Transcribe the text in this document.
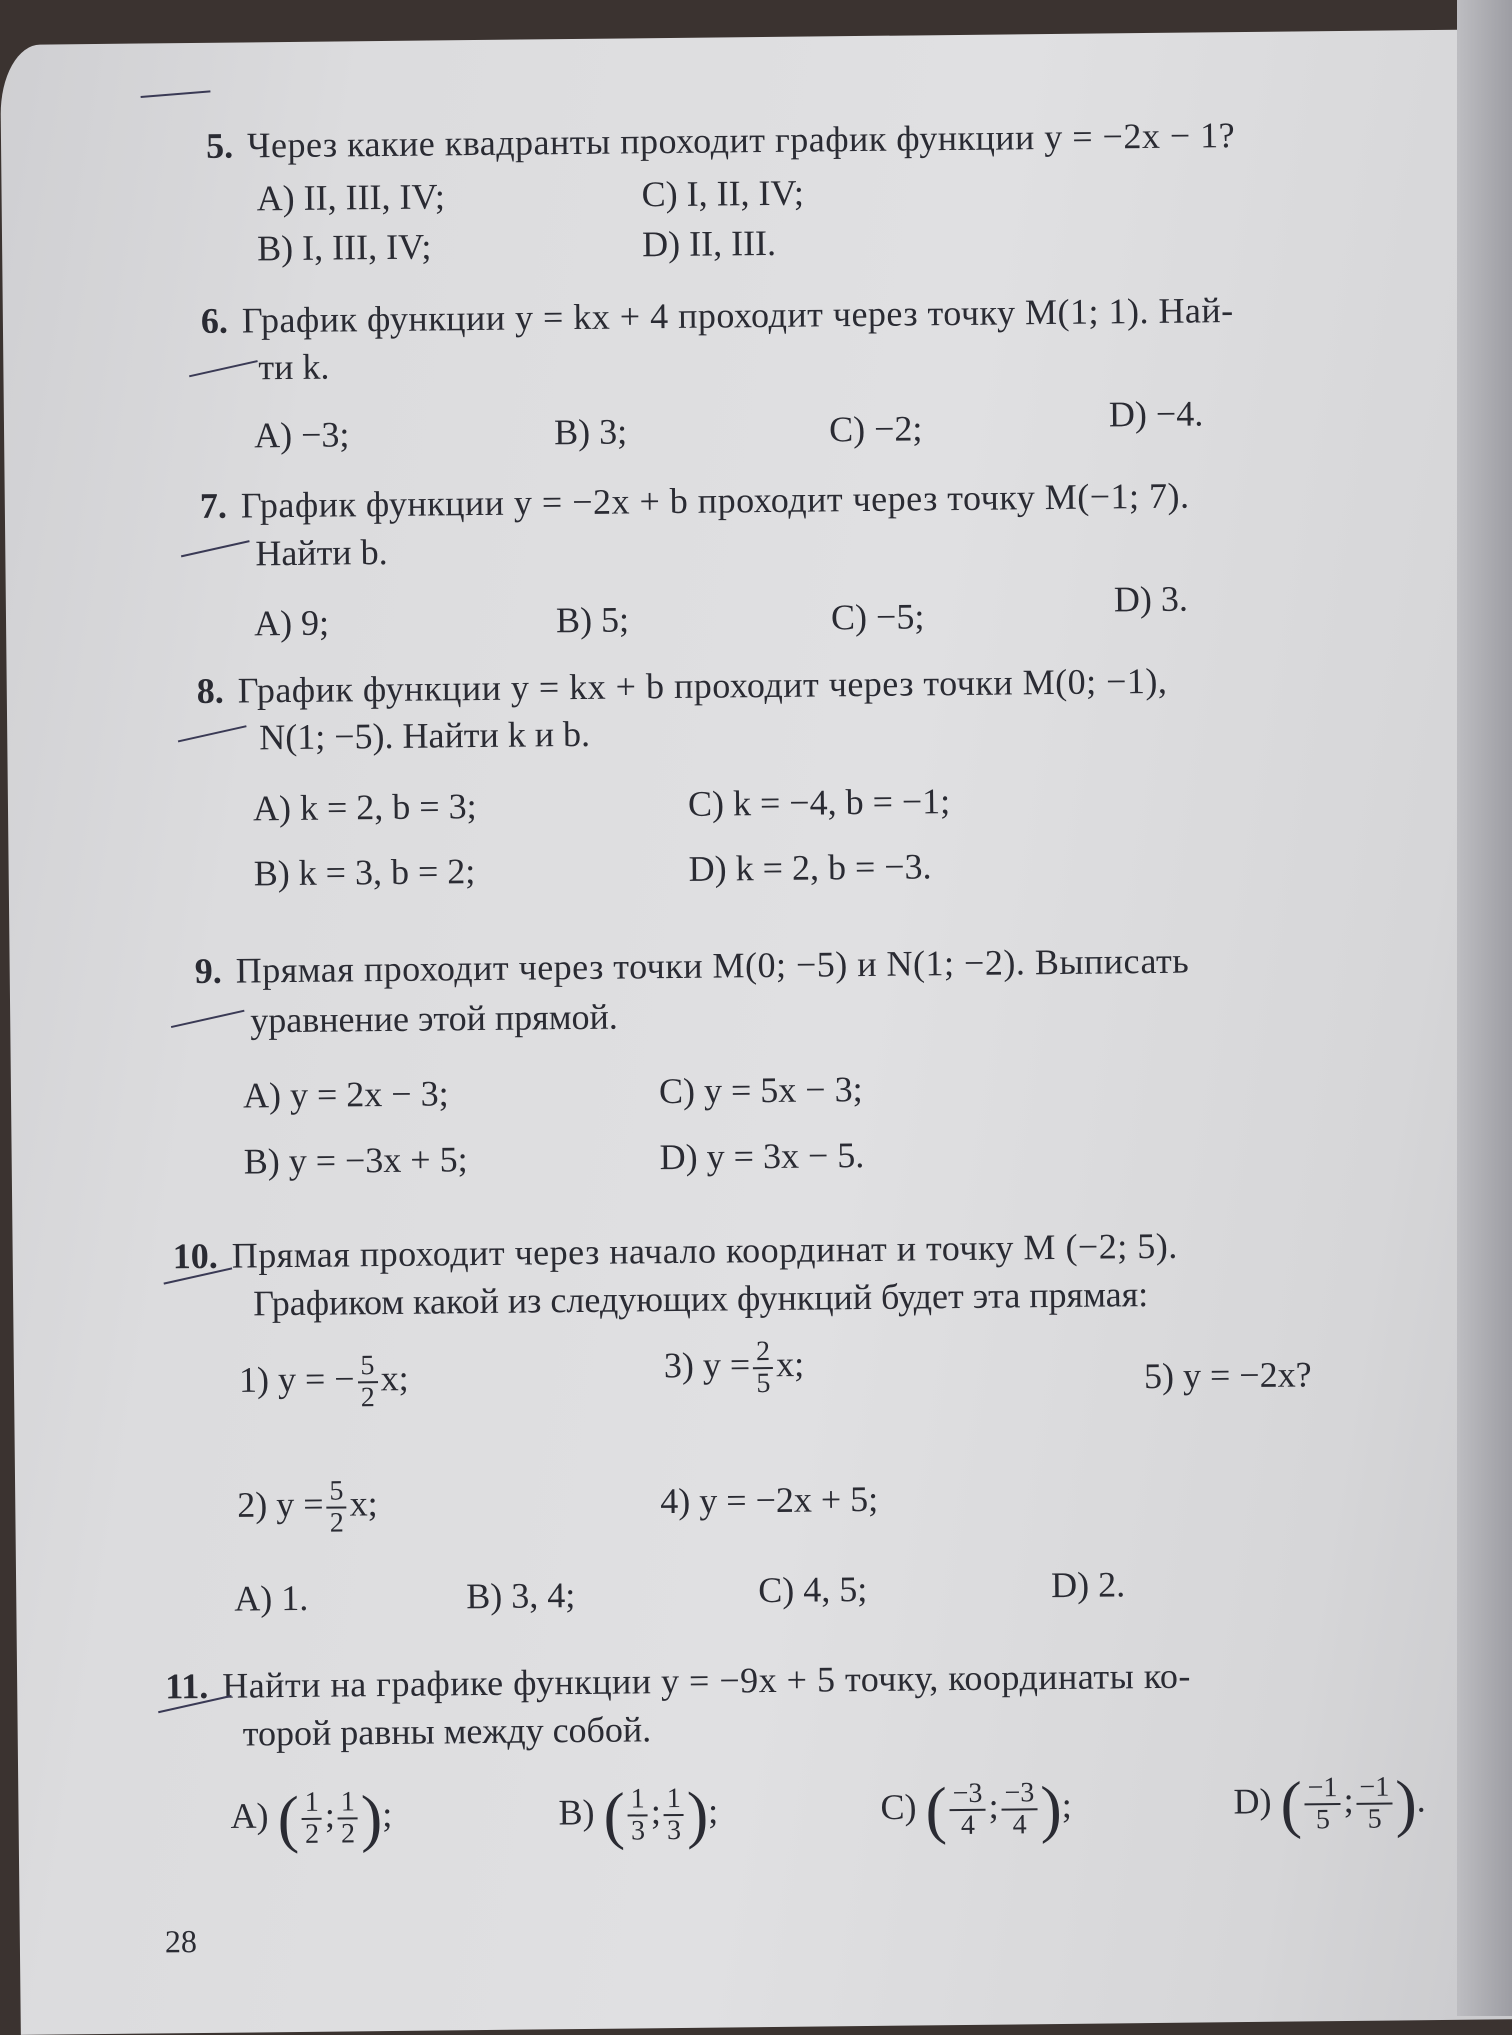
5. Через какие квадранты проходит график функции y = −2x − 1?
A) II, III, IV;
B) I, III, IV;
C) I, II, IV;
D) II, III.
6. График функции y = kx + 4 проходит через точку M(1; 1). Най-
ти k.
A) −3;	B) 3;	C) −2;	D) −4.
7. График функции y = −2x + b проходит через точку M(−1; 7).
Найти b.
A) 9;	B) 5;	C) −5;	D) 3.
8. График функции y = kx + b проходит через точки M(0; −1),
N(1; −5). Найти k и b.
A) k = 2, b = 3;
B) k = 3, b = 2;
C) k = −4, b = −1;
D) k = 2, b = −3.
9. Прямая проходит через точки M(0; −5) и N(1; −2). Выписать
уравнение этой прямой.
A) y = 2x − 3;
B) y = −3x + 5;
C) y = 5x − 3;
D) y = 3x − 5.
10. Прямая проходит через начало координат и точку M (−2; 5).
Графиком какой из следующих функций будет эта прямая:
1) y = − $\frac{5}{2} x$;	3) $y = \frac{2}{5} x$;	5) y = −2x?
2) $y = \frac{5}{2} x$;	4) y = −2x + 5;
A) 1.	B) 3, 4;	C) 4, 5;	D) 2.
11. Найти на графике функции y = −9x + 5 точку, координаты ко-
торой равны между собой.
A) ( $\frac{1}{2}$ ; $\frac{1}{2}$ );	B) ( $\frac{1}{3}$ ; $\frac{1}{3}$ );	C) ( $\frac{-3}{4}$ ; $\frac{-3}{4}$ );	D) ( $\frac{-1}{5}$ ; $\frac{-1}{5}$ ).
28
